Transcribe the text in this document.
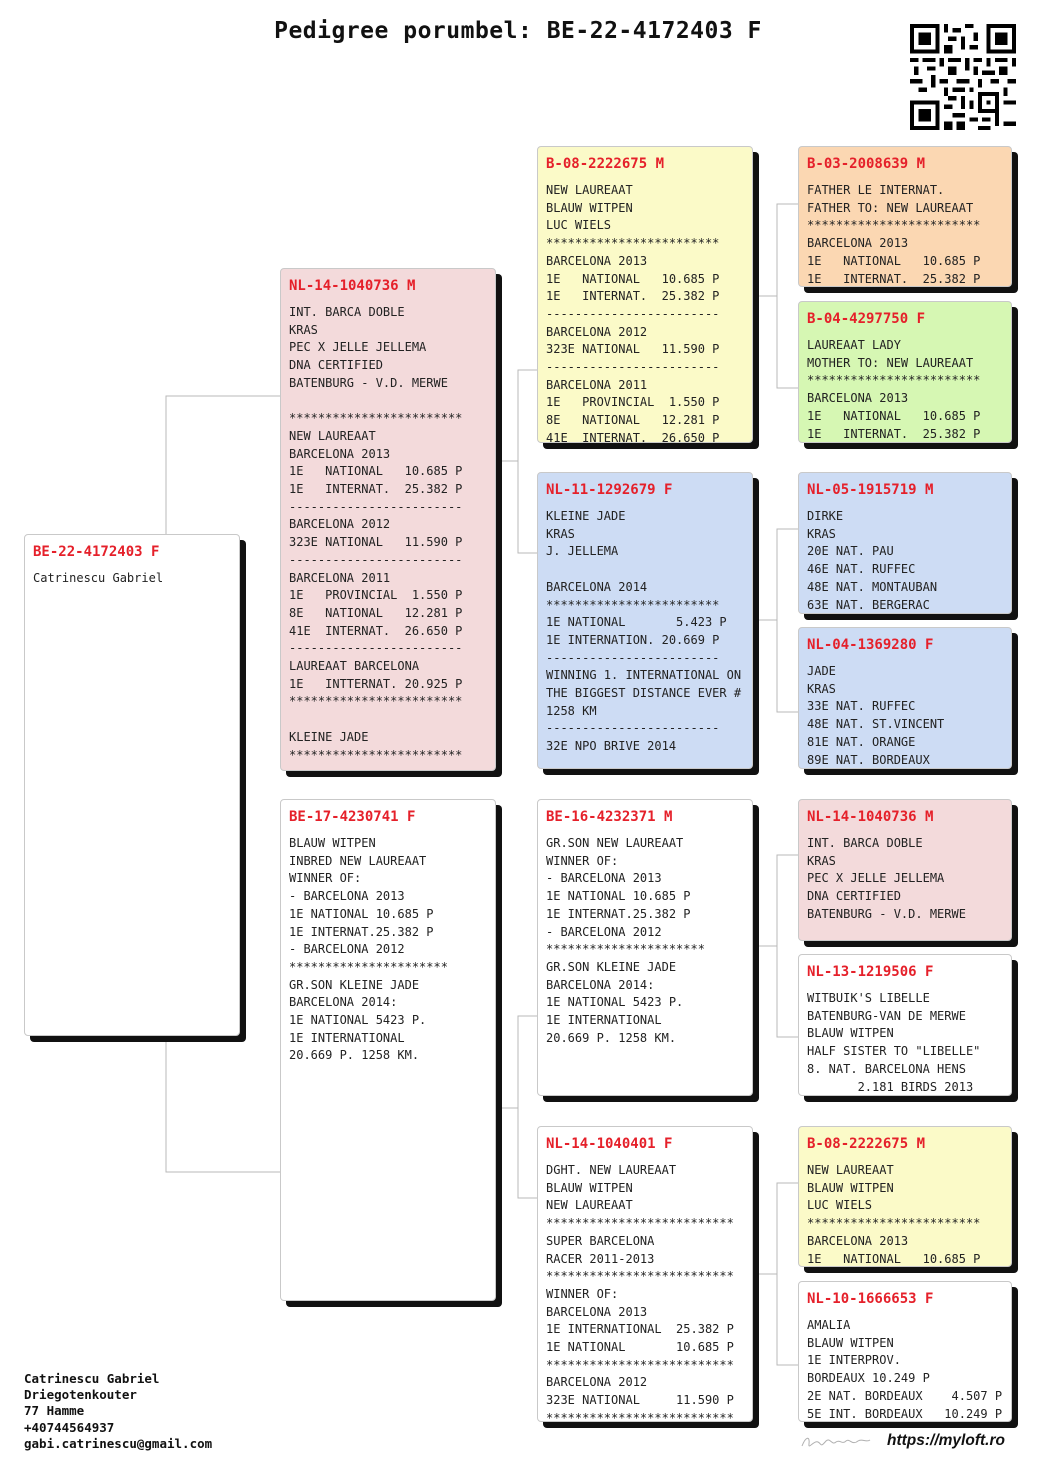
Pedigree porumbel: BE-22-4172403 F
BE-22-4172403 F
Catrinescu Gabriel
NL-14-1040736 M
INT. BARCA DOBLE
KRAS
PEC X JELLE JELLEMA
DNA CERTIFIED
BATENBURG - V.D. MERWE

************************
NEW LAUREAAT
BARCELONA 2013
1E   NATIONAL   10.685 P
1E   INTERNAT.  25.382 P
------------------------
BARCELONA 2012
323E NATIONAL   11.590 P
------------------------
BARCELONA 2011
1E   PROVINCIAL  1.550 P
8E   NATIONAL   12.281 P
41E  INTERNAT.  26.650 P
------------------------
LAUREAAT BARCELONA
1E   INTTERNAT. 20.925 P
************************

KLEINE JADE
************************
BE-17-4230741 F
BLAUW WITPEN
INBRED NEW LAUREAAT
WINNER OF:
- BARCELONA 2013
1E NATIONAL 10.685 P
1E INTERNAT.25.382 P
- BARCELONA 2012
**********************
GR.SON KLEINE JADE
BARCELONA 2014:
1E NATIONAL 5423 P.
1E INTERNATIONAL
20.669 P. 1258 KM.
B-08-2222675 M
NEW LAUREAAT
BLAUW WITPEN
LUC WIELS
************************
BARCELONA 2013
1E   NATIONAL   10.685 P
1E   INTERNAT.  25.382 P
------------------------
BARCELONA 2012
323E NATIONAL   11.590 P
------------------------
BARCELONA 2011
1E   PROVINCIAL  1.550 P
8E   NATIONAL   12.281 P
41E  INTERNAT.  26.650 P
NL-11-1292679 F
KLEINE JADE
KRAS
J. JELLEMA

BARCELONA 2014
************************
1E NATIONAL       5.423 P
1E INTERNATION. 20.669 P
------------------------
WINNING 1. INTERNATIONAL ON THE BIGGEST DISTANCE EVER # 1258 KM
------------------------
32E NPO BRIVE 2014
BE-16-4232371 M
GR.SON NEW LAUREAAT
WINNER OF:
- BARCELONA 2013
1E NATIONAL 10.685 P
1E INTERNAT.25.382 P
- BARCELONA 2012
**********************
GR.SON KLEINE JADE
BARCELONA 2014:
1E NATIONAL 5423 P.
1E INTERNATIONAL
20.669 P. 1258 KM.
NL-14-1040401 F
DGHT. NEW LAUREAAT
BLAUW WITPEN
NEW LAUREAAT
**************************
SUPER BARCELONA
RACER 2011-2013
**************************
WINNER OF:
BARCELONA 2013
1E INTERNATIONAL  25.382 P
1E NATIONAL       10.685 P
**************************
BARCELONA 2012
323E NATIONAL     11.590 P
**************************
B-03-2008639 M
FATHER LE INTERNAT.
FATHER TO: NEW LAUREAAT
************************
BARCELONA 2013
1E   NATIONAL   10.685 P
1E   INTERNAT.  25.382 P
B-04-4297750 F
LAUREAAT LADY
MOTHER TO: NEW LAUREAAT
************************
BARCELONA 2013
1E   NATIONAL   10.685 P
1E   INTERNAT.  25.382 P
NL-05-1915719 M
DIRKE
KRAS
20E NAT. PAU
46E NAT. RUFFEC
48E NAT. MONTAUBAN
63E NAT. BERGERAC
NL-04-1369280 F
JADE
KRAS
33E NAT. RUFFEC
48E NAT. ST.VINCENT
81E NAT. ORANGE
89E NAT. BORDEAUX
NL-14-1040736 M
INT. BARCA DOBLE
KRAS
PEC X JELLE JELLEMA
DNA CERTIFIED
BATENBURG - V.D. MERWE
NL-13-1219506 F
WITBUIK'S LIBELLE
BATENBURG-VAN DE MERWE
BLAUW WITPEN
HALF SISTER TO "LIBELLE"
8. NAT. BARCELONA HENS
2.181 BIRDS 2013
B-08-2222675 M
NEW LAUREAAT
BLAUW WITPEN
LUC WIELS
************************
BARCELONA 2013
1E   NATIONAL   10.685 P
NL-10-1666653 F
AMALIA
BLAUW WITPEN
1E INTERPROV.
BORDEAUX 10.249 P
2E NAT. BORDEAUX    4.507 P
5E INT. BORDEAUX   10.249 P
Catrinescu Gabriel
Driegotenkouter
77 Hamme
+40744564937
gabi.catrinescu@gmail.com	https://myloft.ro
